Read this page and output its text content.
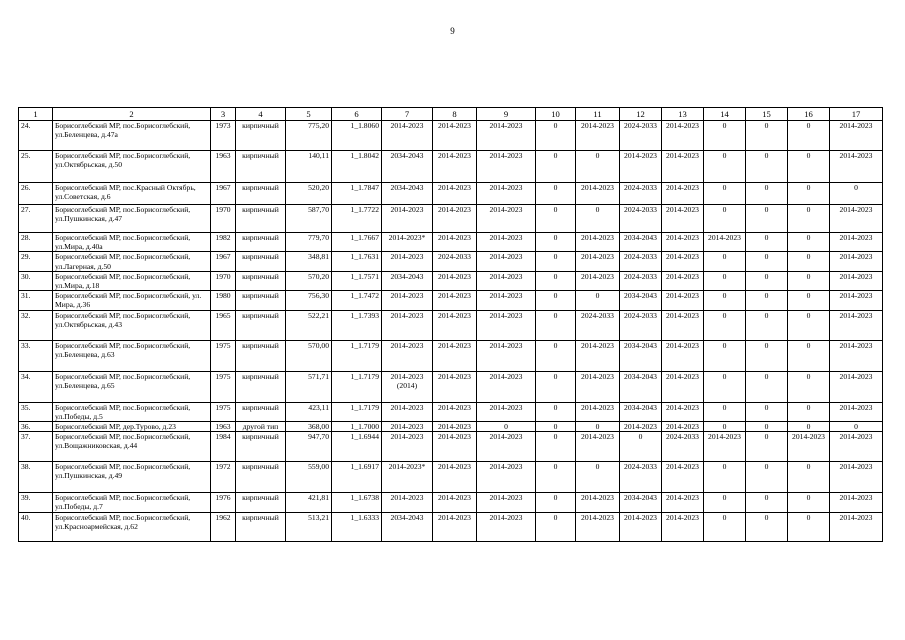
9
1	2	3	4	5	6	7	8	9	10	11	12	13	14	15	16	17
24.	Борисоглебский МР, пос.Борисоглебский, ул.Беленцева, д.47а	1973	кирпичный	775,20	1_1.8060	2014-2023	2014-2023	2014-2023	0	2014-2023	2024-2033	2014-2023	0	0	0	2014-2023
25.	Борисоглебский МР, пос.Борисоглебский, ул.Октябрьская, д.50	1963	кирпичный	140,11	1_1.8042	2034-2043	2014-2023	2014-2023	0	0	2014-2023	2014-2023	0	0	0	2014-2023
26.	Борисоглебский МР, пос.Красный Октябрь, ул.Советская, д.6	1967	кирпичный	520,20	1_1.7847	2034-2043	2014-2023	2014-2023	0	2014-2023	2024-2033	2014-2023	0	0	0	0
27.	Борисоглебский МР, пос.Борисоглебский, ул.Пушкинская, д.47	1970	кирпичный	587,70	1_1.7722	2014-2023	2014-2023	2014-2023	0	0	2024-2033	2014-2023	0	0	0	2014-2023
28.	Борисоглебский МР, пос.Борисоглебский, ул.Мира, д.40а	1982	кирпичный	779,70	1_1.7667	2014-2023*	2014-2023	2014-2023	0	2014-2023	2034-2043	2014-2023	2014-2023	0	0	2014-2023
29.	Борисоглебский МР, пос.Борисоглебский, ул.Лагерная, д.50	1967	кирпичный	348,81	1_1.7631	2014-2023	2024-2033	2014-2023	0	2014-2023	2024-2033	2014-2023	0	0	0	2014-2023
30.	Борисоглебский МР, пос.Борисоглебский, ул.Мира, д.18	1970	кирпичный	570,20	1_1.7571	2034-2043	2014-2023	2014-2023	0	2014-2023	2024-2033	2014-2023	0	0	0	2014-2023
31.	Борисоглебский МР, пос.Борисоглебский, ул. Мира, д.36	1980	кирпичный	756,30	1_1.7472	2014-2023	2014-2023	2014-2023	0	0	2034-2043	2014-2023	0	0	0	2014-2023
32.	Борисоглебский МР, пос.Борисоглебский, ул.Октябрьская, д.43	1965	кирпичный	522,21	1_1.7393	2014-2023	2014-2023	2014-2023	0	2024-2033	2024-2033	2014-2023	0	0	0	2014-2023
33.	Борисоглебский МР, пос.Борисоглебский, ул.Беленцева, д.63	1975	кирпичный	570,00	1_1.7179	2014-2023	2014-2023	2014-2023	0	2014-2023	2034-2043	2014-2023	0	0	0	2014-2023
34.	Борисоглебский МР, пос.Борисоглебский, ул.Беленцева, д.65	1975	кирпичный	571,71	1_1.7179	2014-2023 (2014)	2014-2023	2014-2023	0	2014-2023	2034-2043	2014-2023	0	0	0	2014-2023
35.	Борисоглебский МР, пос.Борисоглебский, ул.Победы, д.5	1975	кирпичный	423,11	1_1.7179	2014-2023	2014-2023	2014-2023	0	2014-2023	2034-2043	2014-2023	0	0	0	2014-2023
36.	Борисоглебский МР, дер.Турово, д.23	1963	другой тип	368,00	1_1.7000	2014-2023	2014-2023	0	0	0	2014-2023	2014-2023	0	0	0	0
37.	Борисоглебский МР, пос.Борисоглебский, ул.Вощажниковская, д.44	1984	кирпичный	947,70	1_1.6944	2014-2023	2014-2023	2014-2023	0	2014-2023	0	2024-2033	2014-2023	0	2014-2023	2014-2023
38.	Борисоглебский МР, пос.Борисоглебский, ул.Пушкинская, д.49	1972	кирпичный	559,00	1_1.6917	2014-2023*	2014-2023	2014-2023	0	0	2024-2033	2014-2023	0	0	0	2014-2023
39.	Борисоглебский МР, пос.Борисоглебский, ул.Победы, д.7	1976	кирпичный	421,81	1_1.6738	2014-2023	2014-2023	2014-2023	0	2014-2023	2034-2043	2014-2023	0	0	0	2014-2023
40.	Борисоглебский МР, пос.Борисоглебский, ул.Красноармейская, д.62	1962	кирпичный	513,21	1_1.6333	2034-2043	2014-2023	2014-2023	0	2014-2023	2014-2023	2014-2023	0	0	0	2014-2023
